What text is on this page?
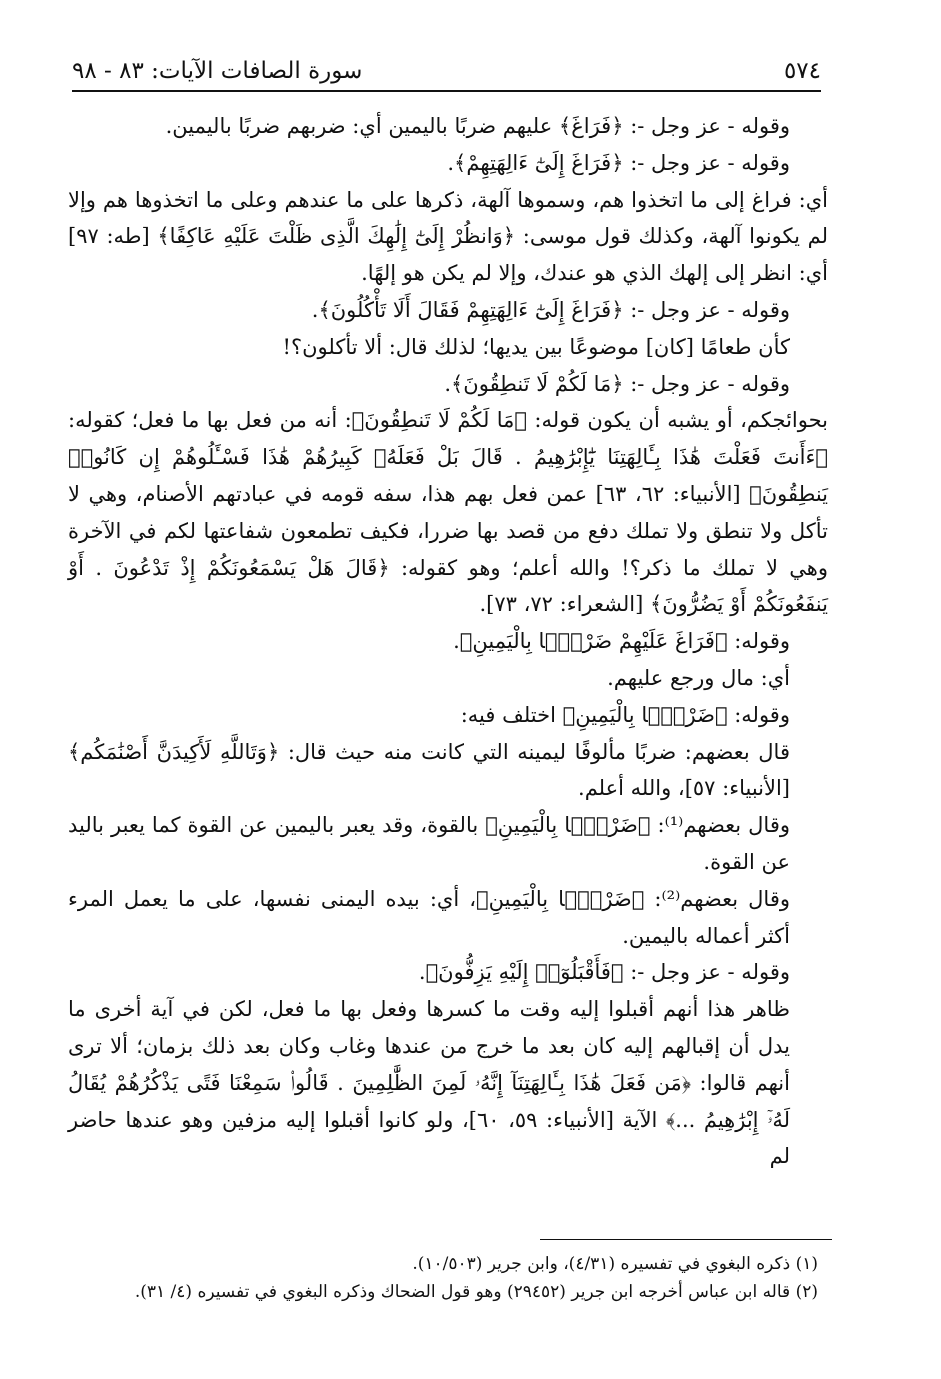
٥٧٤
سورة الصافات الآيات: ٨٣ - ٩٨

وقوله - عز وجل -: ﴿فَرَاغَ﴾ عليهم ضربًا باليمين أي: ضربهم ضربًا باليمين.

وقوله - عز وجل -: ﴿فَرَاغَ إِلَىٰٓ ءَالِهَتِهِمْ﴾.

أي: فراغ إلى ما اتخذوا هم، وسموها آلهة، ذكرها على ما عندهم وعلى ما اتخذوها هم وإلا لم يكونوا آلهة، وكذلك قول موسى: ﴿وَانظُرْ إِلَىٰٓ إِلَٰهِكَ الَّذِى ظَلْتَ عَلَيْهِ عَاكِفًا﴾ [طه: ٩٧] أي: انظر إلى إلهك الذي هو عندك، وإلا لم يكن هو إلهًا.

وقوله - عز وجل -: ﴿فَرَاغَ إِلَىٰٓ ءَالِهَتِهِمْ فَقَالَ أَلَا تَأْكُلُونَ﴾.

كأن طعامًا [كان] موضوعًا بين يديها؛ لذلك قال: ألا تأكلون؟!

وقوله - عز وجل -: ﴿مَا لَكُمْ لَا تَنطِقُونَ﴾.

بحوائجكم، أو يشبه أن يكون قوله: ﴿مَا لَكُمْ لَا تَنطِقُونَ﴾: أنه من فعل بها ما فعل؛ كقوله: ﴿ءَأَنتَ فَعَلْتَ هَٰذَا بِـَٔالِهَتِنَا يَٰٓإِبْرَٰهِيمُ . قَالَ بَلْ فَعَلَهُۥ كَبِيرُهُمْ هَٰذَا فَسْـَٔلُوهُمْ إِن كَانُوا۟ يَنطِقُونَ﴾ [الأنبياء: ٦٢، ٦٣] عمن فعل بهم هذا، سفه قومه في عبادتهم الأصنام، وهي لا تأكل ولا تنطق ولا تملك دفع من قصد بها ضررا، فكيف تطمعون شفاعتها لكم في الآخرة وهي لا تملك ما ذكر؟! والله أعلم؛ وهو كقوله: ﴿قَالَ هَلْ يَسْمَعُونَكُمْ إِذْ تَدْعُونَ . أَوْ يَنفَعُونَكُمْ أَوْ يَضُرُّونَ﴾ [الشعراء: ٧٢، ٧٣].

وقوله: ﴿فَرَاغَ عَلَيْهِمْ ضَرْبًۢا بِالْيَمِينِ﴾.

أي: مال ورجع عليهم.

وقوله: ﴿ضَرْبًۢا بِالْيَمِينِ﴾ اختلف فيه:

قال بعضهم: ضربًا مألوفًا ليمينه التي كانت منه حيث قال: ﴿وَتَاللَّهِ لَأَكِيدَنَّ أَصْنَٰمَكُم﴾ [الأنبياء: ٥٧]، والله أعلم.

وقال بعضهم⁽¹⁾: ﴿ضَرْبًۢا بِالْيَمِينِ﴾ بالقوة، وقد يعبر باليمين عن القوة كما يعبر باليد عن القوة.

وقال بعضهم⁽²⁾: ﴿ضَرْبًۢا بِالْيَمِينِ﴾، أي: بيده اليمنى نفسها، على ما يعمل المرء أكثر أعماله باليمين.

وقوله - عز وجل -: ﴿فَأَقْبَلُوٓا۟ إِلَيْهِ يَزِفُّونَ﴾.

ظاهر هذا أنهم أقبلوا إليه وقت ما كسرها وفعل بها ما فعل، لكن في آية أخرى ما يدل أن إقبالهم إليه كان بعد ما خرج من عندها وغاب وكان بعد ذلك بزمان؛ ألا ترى أنهم قالوا: ﴿مَن فَعَلَ هَٰذَا بِـَٔالِهَتِنَآ إِنَّهُۥ لَمِنَ الظَّٰلِمِينَ . قَالُوا۟ سَمِعْنَا فَتًى يَذْكُرُهُمْ يُقَالُ لَهُۥٓ إِبْرَٰهِيمُ ...﴾ الآية [الأنبياء: ٥٩، ٦٠]، ولو كانوا أقبلوا إليه مزفين وهو عندها حاضر لم

(١) ذكره البغوي في تفسيره (٤/٣١)، وابن جرير (١٠/٥٠٣).

(٢) قاله ابن عباس أخرجه ابن جرير (٢٩٤٥٢) وهو قول الضحاك وذكره البغوي في تفسيره (٤/ ٣١).
